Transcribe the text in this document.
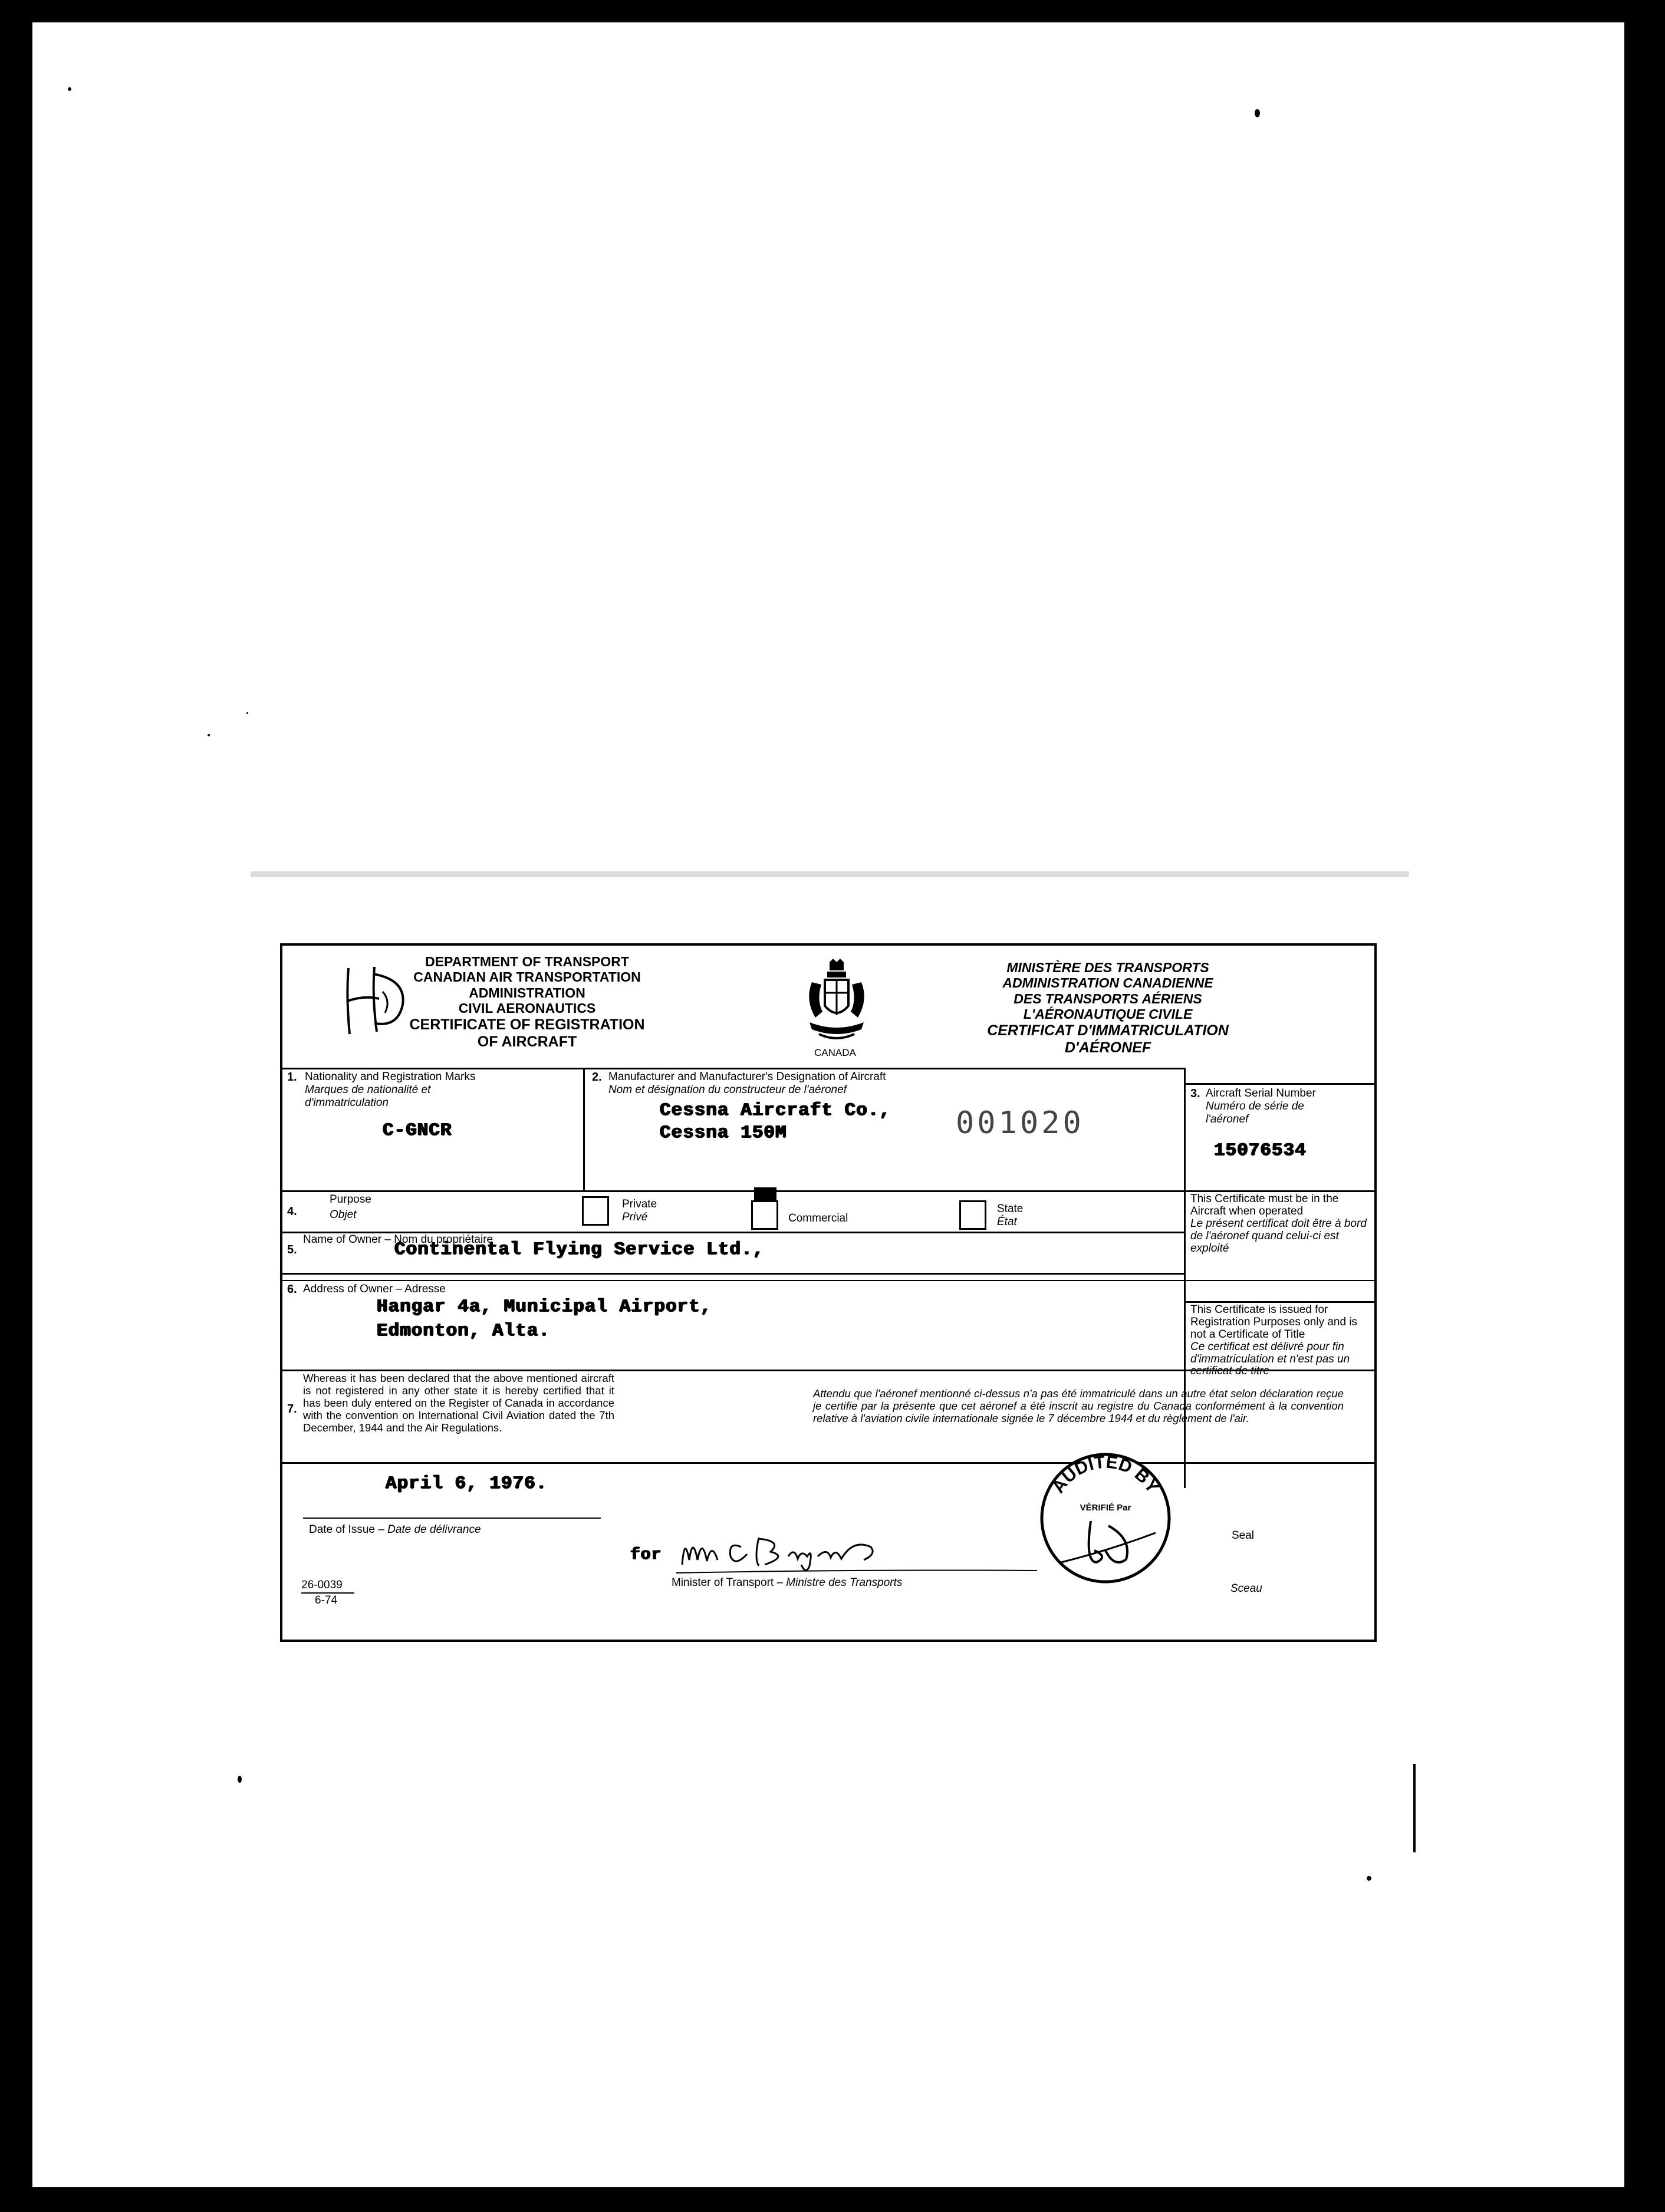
DEPARTMENT OF TRANSPORT
CANADIAN AIR TRANSPORTATION
ADMINISTRATION
CIVIL AERONAUTICS
CERTIFICATE OF REGISTRATION
OF AIRCRAFT
CANADA
MINISTÈRE DES TRANSPORTS
ADMINISTRATION CANADIENNE
DES TRANSPORTS AÉRIENS
L'AÉRONAUTIQUE CIVILE
CERTIFICAT D'IMMATRICULATION
D'AÉRONEF
1. Nationality and Registration Marks
Marques de nationalité et
d'immatriculation
C-GNCR
2. Manufacturer and Manufacturer's Designation of Aircraft
Nom et désignation du constructeur de l'aéronef
Cessna Aircraft Co.,
Cessna 150M	001020
3. Aircraft Serial Number
Numéro de série de
l'aéronef
15076534
4.
Purpose
Objet
Private
Privé	Commercial
State
État
5.
Name of Owner – Nom du propriétaire
Continental Flying Service Ltd.,
6. Address of Owner – Adresse
Hangar 4a, Municipal Airport,
Edmonton, Alta.
This Certificate must be in the Aircraft when operated
Le présent certificat doit être à bord de l'aéronef quand celui-ci est exploité
This Certificate is issued for Registration Purposes only and is not a Certificate of Title
Ce certificat est délivré pour fin d'immatriculation et n'est pas un certificat de titre
7.
Whereas it has been declared that the above mentioned aircraft is not registered in any other state it is hereby certified that it has been duly entered on the Register of Canada in accordance with the convention on International Civil Aviation dated the 7th December, 1944 and the Air Regulations.
Attendu que l'aéronef mentionné ci-dessus n'a pas été immatriculé dans un autre état selon déclaration reçue je certifie par la présente que cet aéronef a été inscrit au registre du Canada conformément à la convention relative à l'aviation civile internationale signée le 7 décembre 1944 et du règlement de l'air.
April 6, 1976.
Date of Issue – Date de délivrance
for
Minister of Transport – Ministre des Transports
AUDITED BY
VÉRIFIÉ Par
Seal
Sceau
26-0039
6-74
